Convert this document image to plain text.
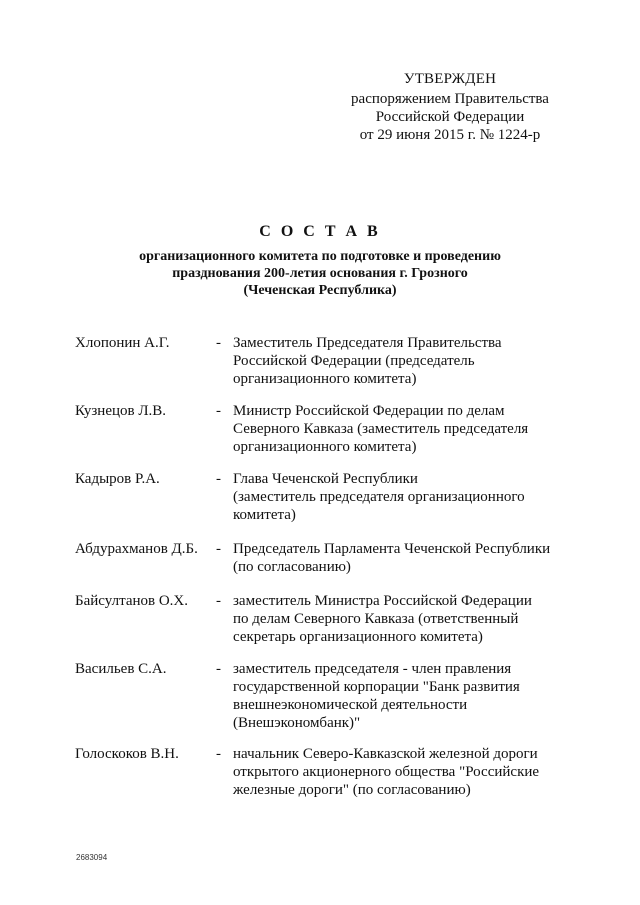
УТВЕРЖДЕН
распоряжением Правительства
Российской Федерации
от 29 июня 2015 г. № 1224-р
С О С Т А В
организационного комитета по подготовке и проведению
празднования 200-летия основания г. Грозного
(Чеченская Республика)
Хлопонин А.Г.	- Заместитель Председателя Правительства
Российской Федерации (председатель
организационного комитета)
Кузнецов Л.В.	- Министр Российской Федерации по делам
Северного Кавказа (заместитель председателя
организационного комитета)
Кадыров Р.А.	- Глава Чеченской Республики
(заместитель председателя организационного
комитета)
Абдурахманов Д.Б. - Председатель Парламента Чеченской Республики
(по согласованию)
Байсултанов О.Х. - заместитель Министра Российской Федерации
по делам Северного Кавказа (ответственный
секретарь организационного комитета)
Васильев С.А.	- заместитель председателя - член правления
государственной корпорации "Банк развития
внешнеэкономической деятельности
(Внешэкономбанк)"
Голоскоков В.Н. - начальник Северо-Кавказской железной дороги
открытого акционерного общества "Российские
железные дороги" (по согласованию)
2683094
